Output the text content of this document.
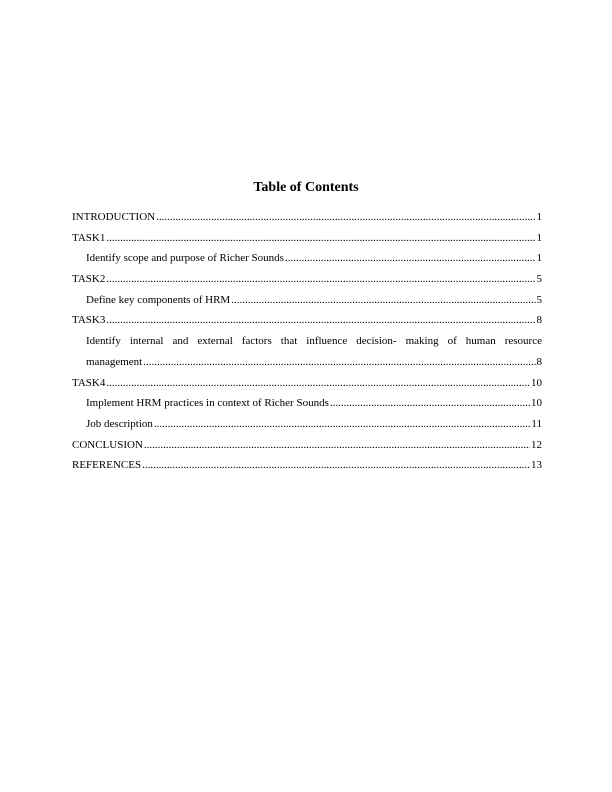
Table of Contents
INTRODUCTION .....	1
TASK1 .....	1
Identify scope and purpose of Richer Sounds .....	1
TASK2 .....	5
Define key components of HRM .....	5
TASK3 .....	8
Identify internal and external factors that influence decision- making of human resource
management .....	8
TASK4 .....	10
Implement HRM practices in context of Richer Sounds .....	10
Job description .....	11
CONCLUSION .....	12
REFERENCES .....	13
